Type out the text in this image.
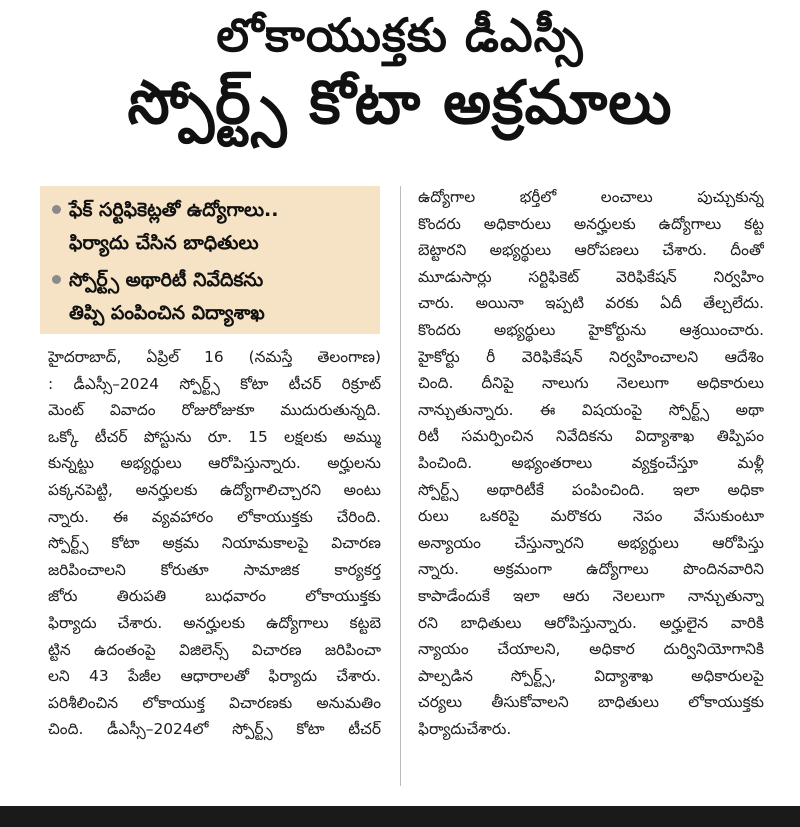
లోకాయుక్తకు డీఎస్సీ
స్పోర్ట్స్ కోటా అక్రమాలు
ఫేక్ సర్టిఫికెట్లతో ఉద్యోగాలు..
ఫిర్యాదు చేసిన బాధితులు
స్పోర్ట్స్ అథారిటీ నివేదికను
తిప్పి పంపించిన విద్యాశాఖ

హైదరాబాద్, ఏప్రిల్ 16 (నమస్తే తెలంగాణ)
: డీఎస్సీ–2024 స్పోర్ట్స్ కోటా టీచర్ రిక్రూట్
మెంట్ వివాదం రోజురోజుకూ ముదురుతున్నది.
ఒక్కో టీచర్ పోస్టును రూ. 15 లక్షలకు అమ్ము
కున్నట్టు అభ్యర్థులు ఆరోపిస్తున్నారు. అర్హులను
పక్కనపెట్టి, అనర్హులకు ఉద్యోగాలిచ్చారని అంటు
న్నారు. ఈ వ్యవహారం లోకాయుక్తకు చేరింది.
స్పోర్ట్స్ కోటా అక్రమ నియామకాలపై విచారణ
జరిపించాలని కోరుతూ సామాజిక కార్యకర్త
జోరు తిరుపతి బుధవారం లోకాయుక్తకు
ఫిర్యాదు చేశారు. అనర్హులకు ఉద్యోగాలు కట్టబె
ట్టిన ఉదంతంపై విజిలెన్స్ విచారణ జరిపించా
లని 43 పేజీల ఆధారాలతో ఫిర్యాదు చేశారు.
పరిశీలించిన లోకాయుక్త విచారణకు అనుమతిం
చింది. డీఎస్సీ–2024లో స్పోర్ట్స్ కోటా టీచర్

ఉద్యోగాల భర్తీలో లంచాలు పుచ్చుకున్న
కొందరు అధికారులు అనర్హులకు ఉద్యోగాలు కట్ట
బెట్టారని అభ్యర్థులు ఆరోపణలు చేశారు. దీంతో
మూడుసార్లు సర్టిఫికెట్ వెరిఫికేషన్ నిర్వహిం
చారు. అయినా ఇప్పటి వరకు ఏదీ తేల్చలేదు.
కొందరు అభ్యర్థులు హైకోర్టును ఆశ్రయించారు.
హైకోర్టు రీ వెరిఫికేషన్ నిర్వహించాలని ఆదేశిం
చింది. దీనిపై నాలుగు నెలలుగా అధికారులు
నాన్చుతున్నారు. ఈ విషయంపై స్పోర్ట్స్ అథా
రిటీ సమర్పించిన నివేదికను విద్యాశాఖ తిప్పిపం
పించింది. అభ్యంతరాలు వ్యక్తంచేస్తూ మళ్లీ
స్పోర్ట్స్ అథారిటీకే పంపించింది. ఇలా అధికా
రులు ఒకరిపై మరొకరు నెపం వేసుకుంటూ
అన్యాయం చేస్తున్నారని అభ్యర్థులు ఆరోపిస్తు
న్నారు. అక్రమంగా ఉద్యోగాలు పొందినవారిని
కాపాడేందుకే ఇలా ఆరు నెలలుగా నాన్చుతున్నా
రని బాధితులు ఆరోపిస్తున్నారు. అర్హులైన వారికి
న్యాయం చేయాలని, అధికార దుర్వినియోగానికి
పాల్పడిన స్పోర్ట్స్, విద్యాశాఖ అధికారులపై
చర్యలు తీసుకోవాలని బాధితులు లోకాయుక్తకు
ఫిర్యాదుచేశారు.
